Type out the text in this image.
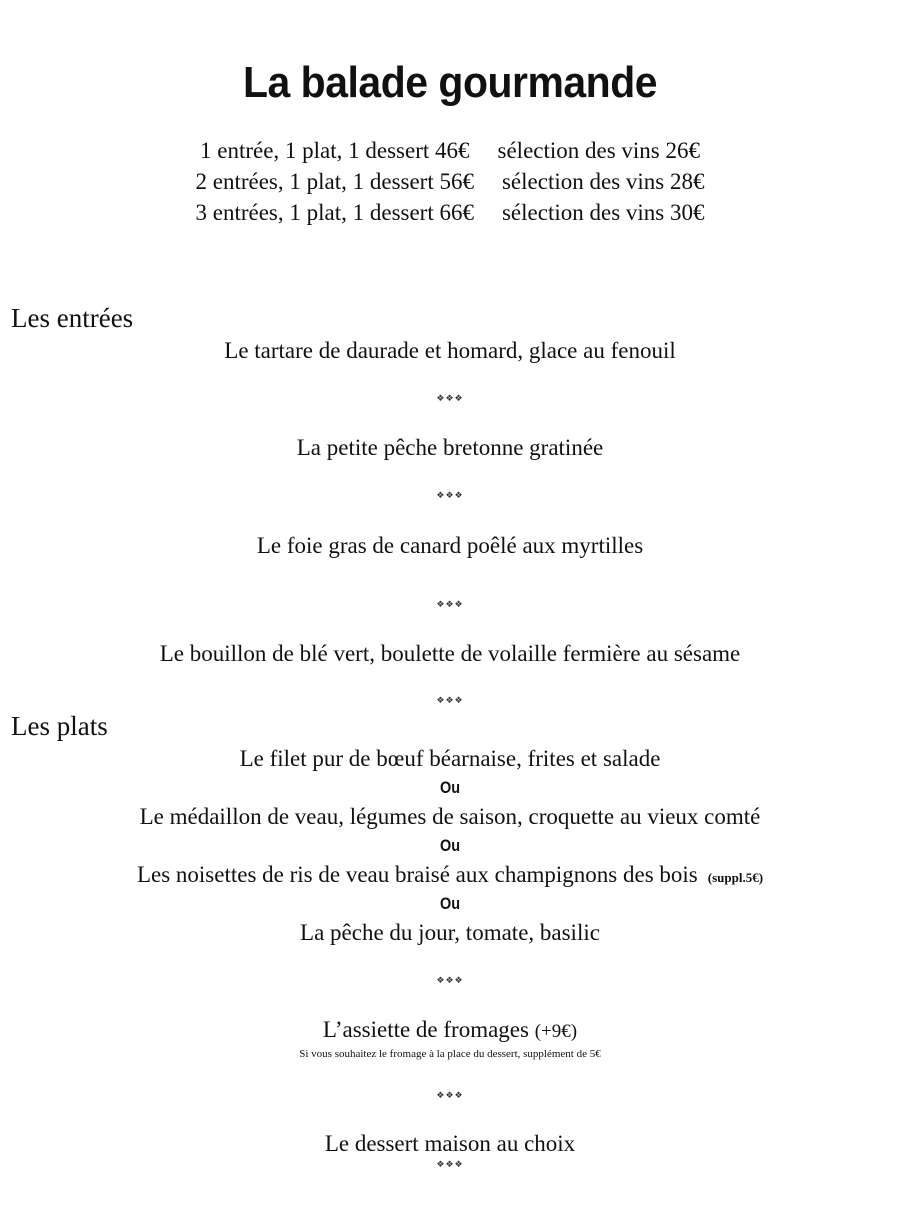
La balade gourmande
1 entrée, 1 plat, 1 dessert 46€ sélection des vins 26€
2 entrées, 1 plat, 1 dessert 56€ sélection des vins 28€
3 entrées, 1 plat, 1 dessert 66€ sélection des vins 30€
Les entrées
Le tartare de daurade et homard, glace au fenouil
❖❖❖
La petite pêche bretonne gratinée
❖❖❖
Le foie gras de canard poêlé aux myrtilles
❖❖❖
Le bouillon de blé vert, boulette de volaille fermière au sésame
❖❖❖
Les plats
Le filet pur de bœuf béarnaise, frites et salade
Ou
Le médaillon de veau, légumes de saison, croquette au vieux comté
Ou
Les noisettes de ris de veau braisé aux champignons des bois (suppl.5€)
Ou
La pêche du jour, tomate, basilic
❖❖❖
L’assiette de fromages (+9€)
Si vous souhaitez le fromage à la place du dessert, supplément de 5€
❖❖❖
Le dessert maison au choix
❖❖❖
